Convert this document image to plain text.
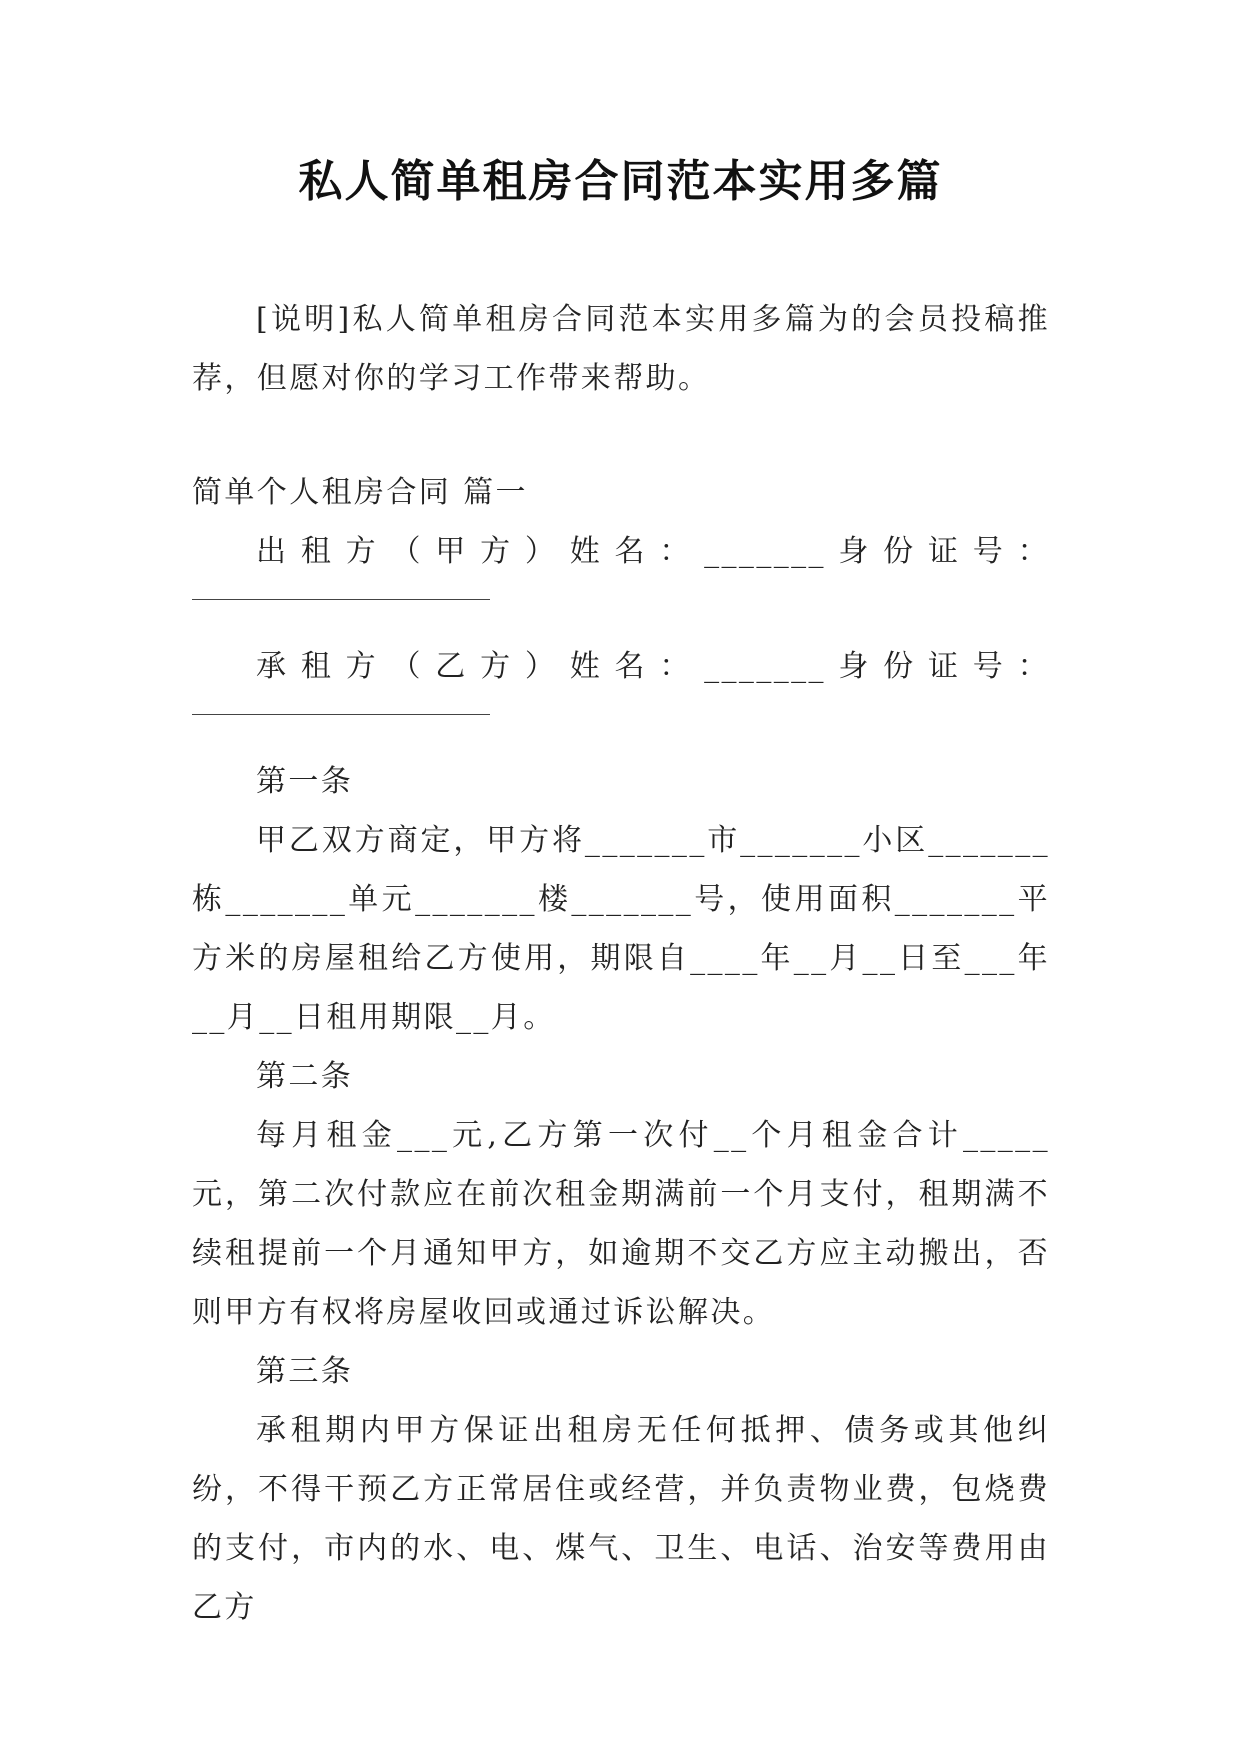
私人简单租房合同范本实用多篇

[说明]私人简单租房合同范本实用多篇为的会员投稿推荐，但愿对你的学习工作带来帮助。

简单个人租房合同 篇一

出 租 方 （ 甲 方 ） 姓 名 ： _______ 身 份 证 号 ：
承 租 方 （ 乙 方 ） 姓 名 ： _______ 身 份 证 号 ：

第一条

甲乙双方商定，甲方将_______市_______小区_______栋_______单元_______楼_______号，使用面积_______平方米的房屋租给乙方使用，期限自____年__月__日至___年__月__日租用期限__月。

第二条

每月租金___元,乙方第一次付__个月租金合计_____元，第二次付款应在前次租金期满前一个月支付，租期满不续租提前一个月通知甲方，如逾期不交乙方应主动搬出，否则甲方有权将房屋收回或通过诉讼解决。

第三条

承租期内甲方保证出租房无任何抵押、债务或其他纠纷，不得干预乙方正常居住或经营，并负责物业费，包烧费的支付，市内的水、电、煤气、卫生、电话、治安等费用由乙方
